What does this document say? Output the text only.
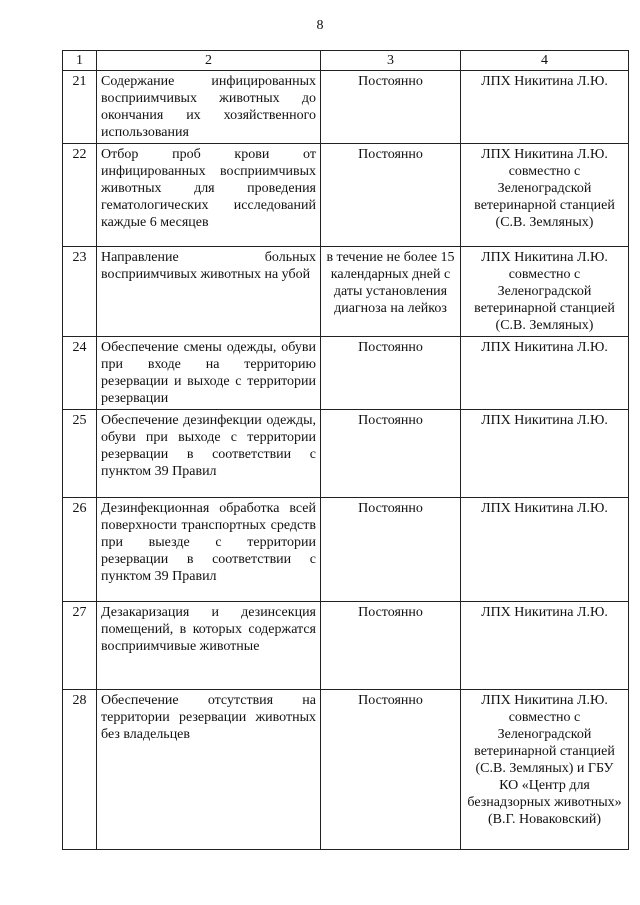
8
1	2	3	4
21	Содержание инфицированных восприимчивых животных до окончания их хозяйственного использования	Постоянно	ЛПХ Никитина Л.Ю.
22	Отбор проб крови от инфицированных восприимчивых животных для проведения гематологических исследований каждые 6 месяцев	Постоянно	ЛПХ Никитина Л.Ю. совместно с Зеленоградской ветеринарной станцией (С.В. Земляных)
23	Направление больных восприимчивых животных на убой	в течение не более 15 календарных дней с даты установления диагноза на лейкоз	ЛПХ Никитина Л.Ю. совместно с Зеленоградской ветеринарной станцией (С.В. Земляных)
24	Обеспечение смены одежды, обуви при входе на территорию резервации и выходе с территории резервации	Постоянно	ЛПХ Никитина Л.Ю.
25	Обеспечение дезинфекции одежды, обуви при выходе с территории резервации в соответствии с пунктом 39 Правил	Постоянно	ЛПХ Никитина Л.Ю.
26	Дезинфекционная обработка всей поверхности транспортных средств при выезде с территории резервации в соответствии с пунктом 39 Правил	Постоянно	ЛПХ Никитина Л.Ю.
27	Дезакаризация и дезинсекция помещений, в которых содержатся восприимчивые животные	Постоянно	ЛПХ Никитина Л.Ю.
28	Обеспечение отсутствия на территории резервации животных без владельцев	Постоянно	ЛПХ Никитина Л.Ю. совместно с Зеленоградской ветеринарной станцией (С.В. Земляных) и ГБУ КО «Центр для безнадзорных животных» (В.Г. Новаковский)
